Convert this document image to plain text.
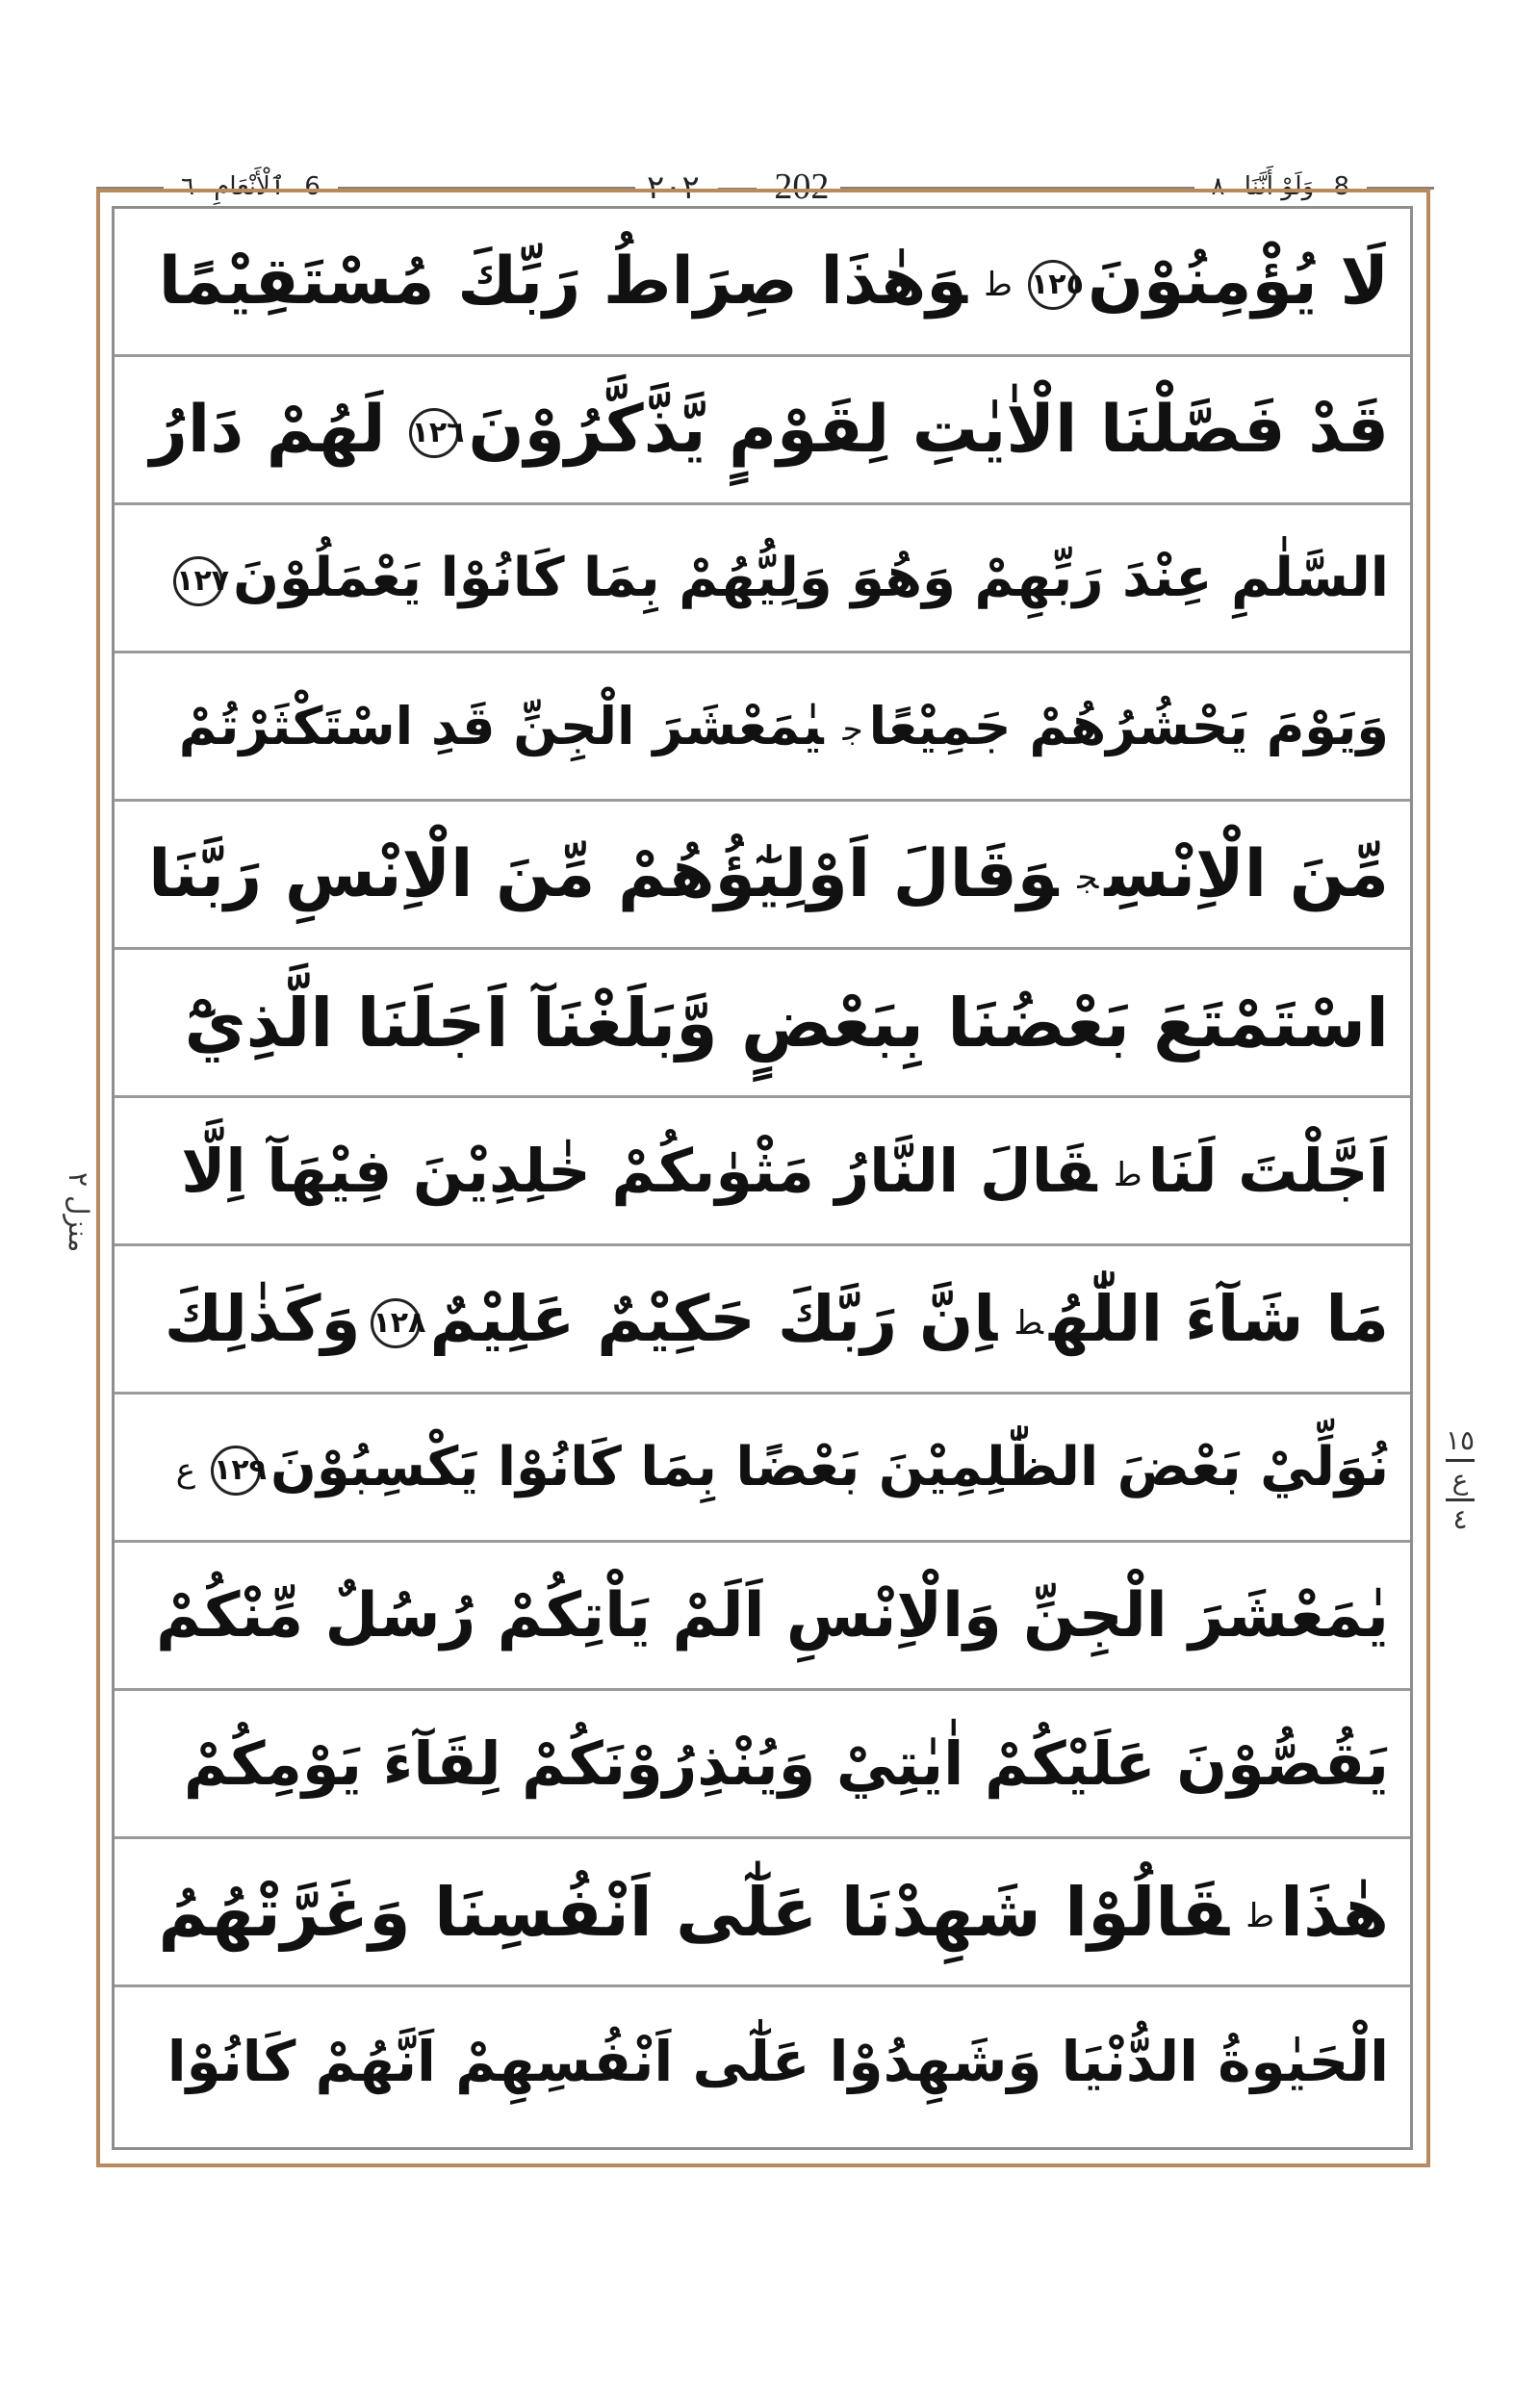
6 ٱلْأَنْعَامِ ٦	٢٠٢ 202	8 وَلَوْ أَنَّنَا ٨
منزل ٢
١٥
ع
٤
لَا يُؤْمِنُوْنَ١٢٥طوَهٰذَا صِرَاطُ رَبِّكَ مُسْتَقِيْمًا
قَدْ فَصَّلْنَا الْاٰيٰتِ لِقَوْمٍ يَّذَّكَّرُوْنَ١٢٦لَهُمْ دَارُ
السَّلٰمِ عِنْدَ رَبِّهِمْ وَهُوَ وَلِيُّهُمْ بِمَا كَانُوْا يَعْمَلُوْنَ١٢٧
وَيَوْمَ يَحْشُرُهُمْ جَمِيْعًاجيٰمَعْشَرَ الْجِنِّ قَدِ اسْتَكْثَرْتُمْ
مِّنَ الْاِنْسِجوَقَالَ اَوْلِيٰٓؤُهُمْ مِّنَ الْاِنْسِ رَبَّنَا
اسْتَمْتَعَ بَعْضُنَا بِبَعْضٍ وَّبَلَغْنَآ اَجَلَنَا الَّذِيْٓ
اَجَّلْتَ لَنَاطقَالَ النَّارُ مَثْوٰىكُمْ خٰلِدِيْنَ فِيْهَآ اِلَّا
مَا شَآءَ اللّٰهُطاِنَّ رَبَّكَ حَكِيْمٌ عَلِيْمٌ١٢٨وَكَذٰلِكَ
نُوَلِّيْ بَعْضَ الظّٰلِمِيْنَ بَعْضًا بِمَا كَانُوْا يَكْسِبُوْنَ١٢٩ع
يٰمَعْشَرَ الْجِنِّ وَالْاِنْسِ اَلَمْ يَاْتِكُمْ رُسُلٌ مِّنْكُمْ
يَقُصُّوْنَ عَلَيْكُمْ اٰيٰتِيْ وَيُنْذِرُوْنَكُمْ لِقَآءَ يَوْمِكُمْ
هٰذَاطقَالُوْا شَهِدْنَا عَلٰٓى اَنْفُسِنَا وَغَرَّتْهُمُ
الْحَيٰوةُ الدُّنْيَا وَشَهِدُوْا عَلٰٓى اَنْفُسِهِمْ اَنَّهُمْ كَانُوْا
